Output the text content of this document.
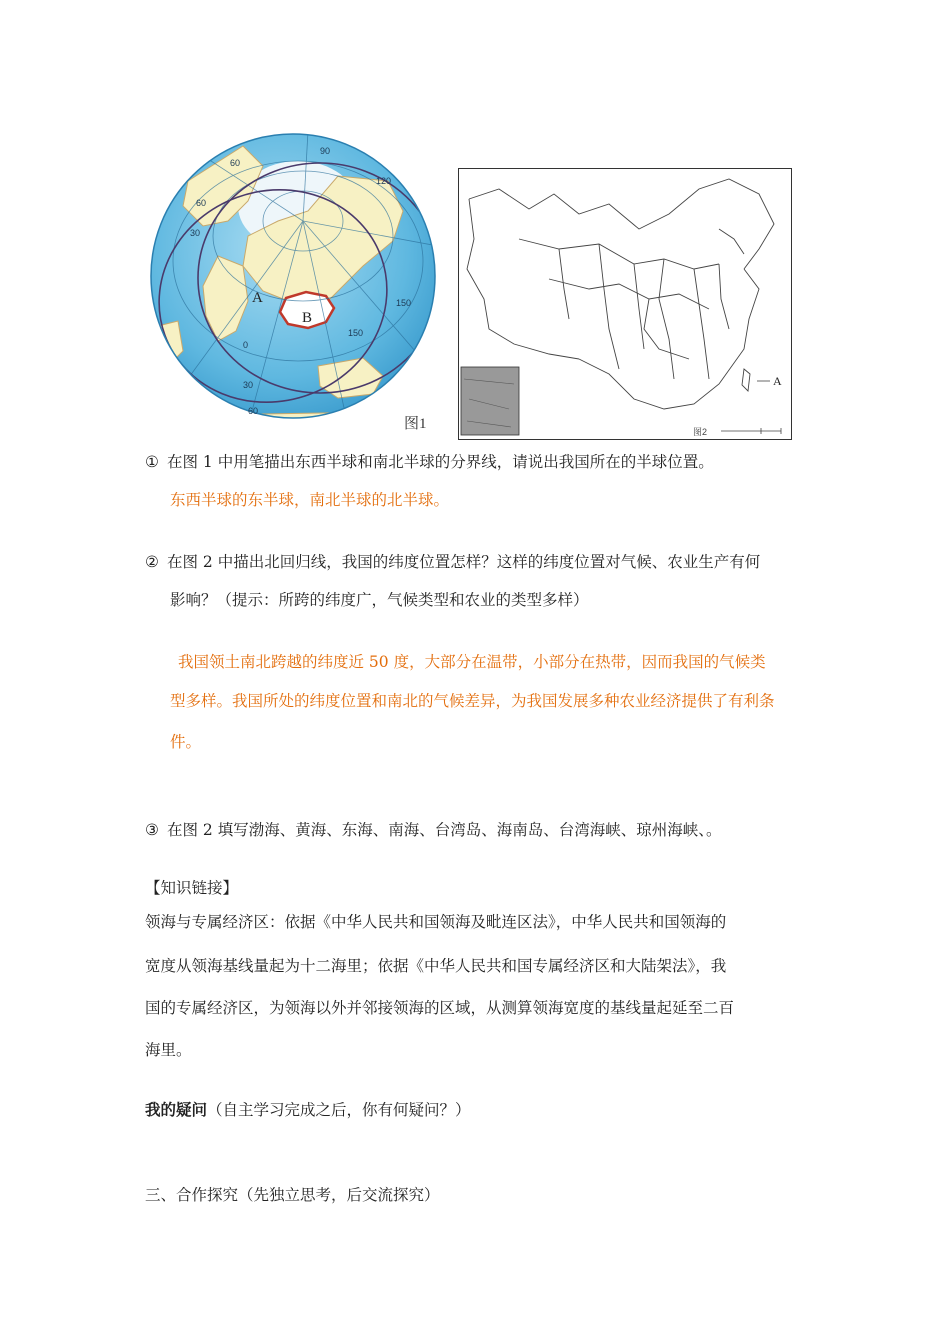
60
90
120
150
0
30
60
30
60
150
A
B
图1	图2
A
① 在图 1 中用笔描出东西半球和南北半球的分界线，请说出我国所在的半球位置。
东西半球的东半球，南北半球的北半球。
② 在图 2 中描出北回归线，我国的纬度位置怎样？这样的纬度位置对气候、农业生产有何
影响？（提示：所跨的纬度广，气候类型和农业的类型多样）
我国领土南北跨越的纬度近 50 度，大部分在温带，小部分在热带，因而我国的气候类
型多样。我国所处的纬度位置和南北的气候差异，为我国发展多种农业经济提供了有利条
件。
③ 在图 2 填写渤海、黄海、东海、南海、台湾岛、海南岛、台湾海峡、琼州海峡、。
【知识链接】
领海与专属经济区：依据《中华人民共和国领海及毗连区法》，中华人民共和国领海的
宽度从领海基线量起为十二海里；依据《中华人民共和国专属经济区和大陆架法》，我
国的专属经济区，为领海以外并邻接领海的区域，从测算领海宽度的基线量起延至二百
海里。
我的疑问（自主学习完成之后，你有何疑问？）
三、合作探究（先独立思考，后交流探究）
